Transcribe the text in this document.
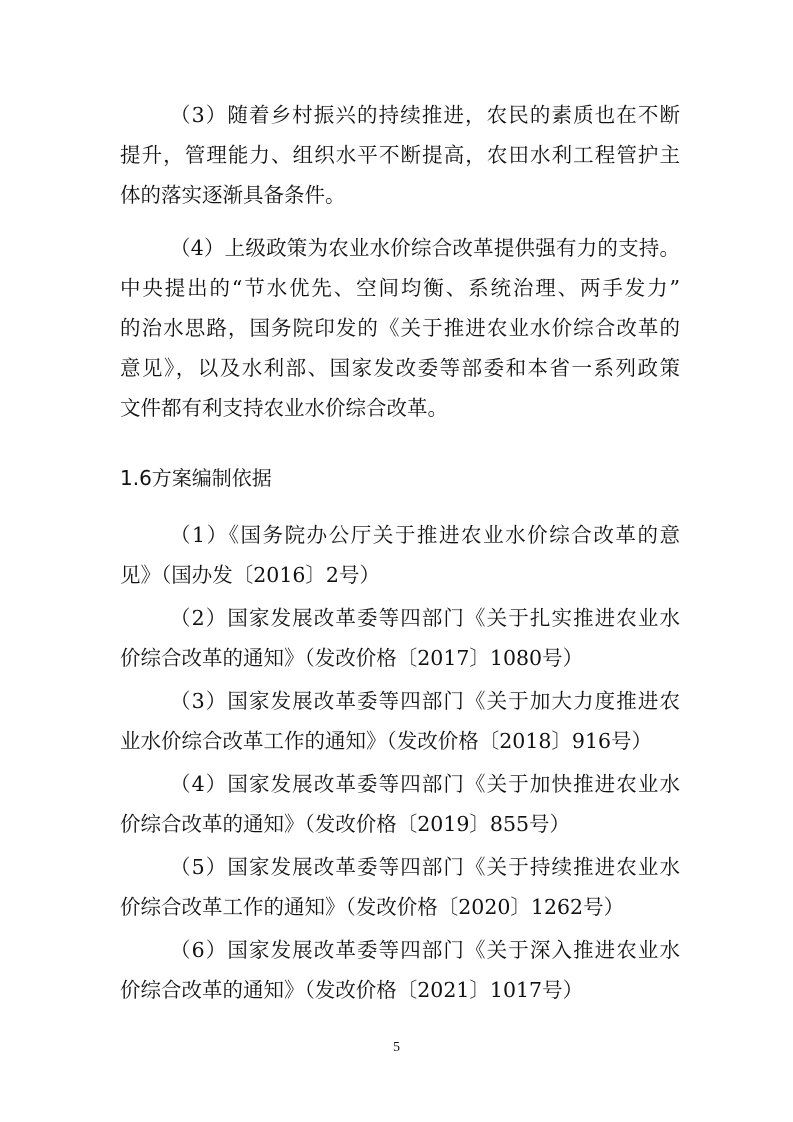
（3）随着乡村振兴的持续推进，农民的素质也在不断
提升，管理能力、组织水平不断提高，农田水利工程管护主
体的落实逐渐具备条件。
（4）上级政策为农业水价综合改革提供强有力的支持。
中央提出的“节水优先、空间均衡、系统治理、两手发力”
的治水思路，国务院印发的《关于推进农业水价综合改革的
意见》，以及水利部、国家发改委等部委和本省一系列政策
文件都有利支持农业水价综合改革。
1.6方案编制依据
（1）《国务院办公厅关于推进农业水价综合改革的意
见》（国办发〔2016〕2号）
（2）国家发展改革委等四部门《关于扎实推进农业水
价综合改革的通知》（发改价格〔2017〕1080号）
（3）国家发展改革委等四部门《关于加大力度推进农
业水价综合改革工作的通知》（发改价格〔2018〕916号）
（4）国家发展改革委等四部门《关于加快推进农业水
价综合改革的通知》（发改价格〔2019〕855号）
（5）国家发展改革委等四部门《关于持续推进农业水
价综合改革工作的通知》（发改价格〔2020〕1262号）
（6）国家发展改革委等四部门《关于深入推进农业水
价综合改革的通知》（发改价格〔2021〕1017号）
5
